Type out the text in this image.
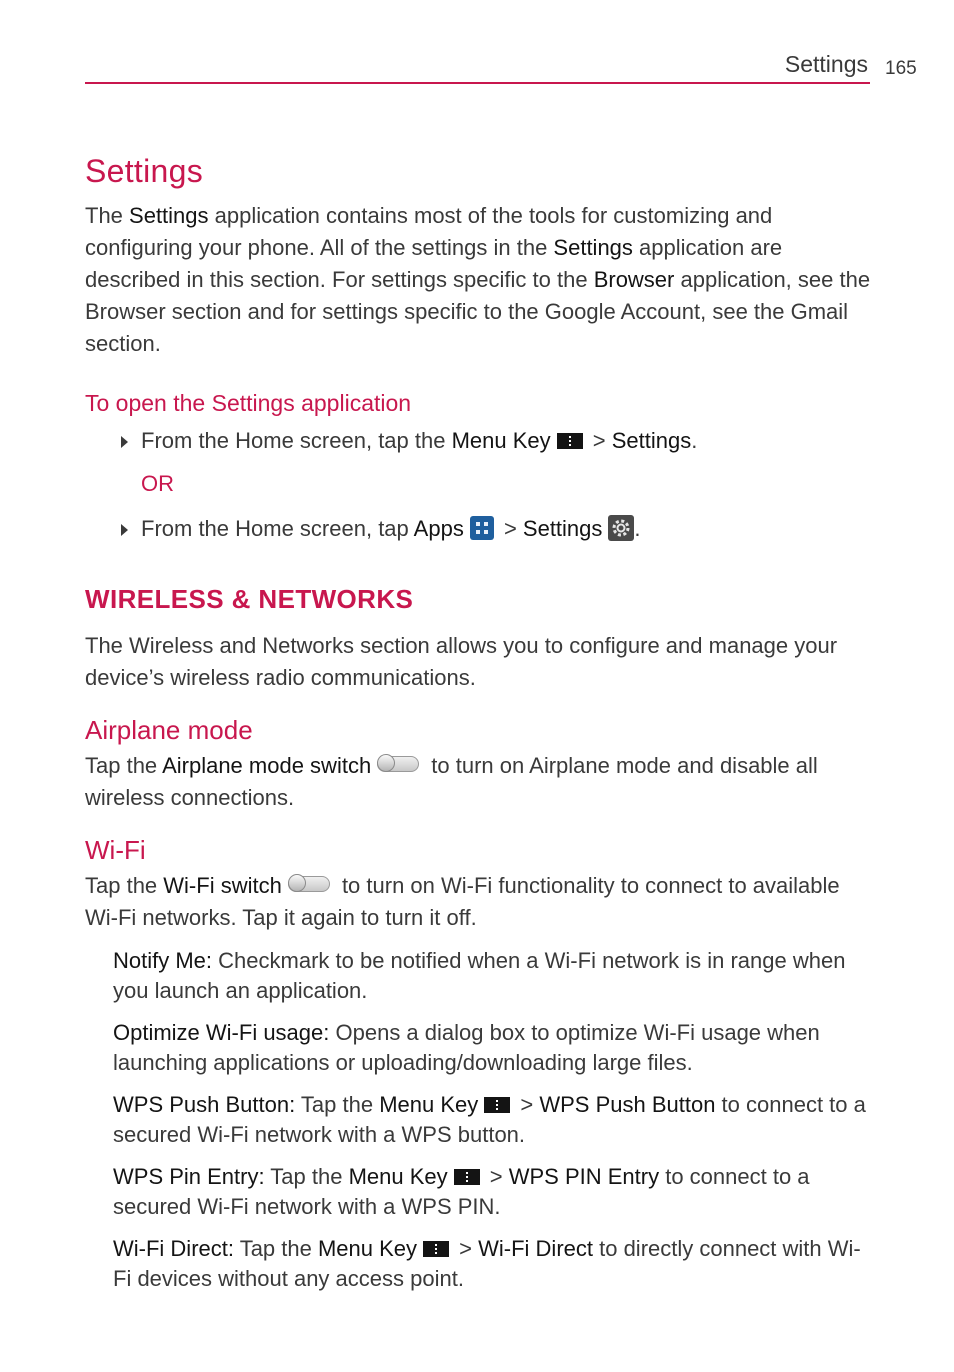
Settings 165
Settings

The Settings application contains most of the tools for customizing and configuring your phone. All of the settings in the Settings application are described in this section. For settings specific to the Browser application, see the Browser section and for settings specific to the Google Account, see the Gmail section.

To open the Settings application
From the Home screen, tap the Menu Key > Settings.
OR
From the Home screen, tap Apps > Settings .
WIRELESS & NETWORKS

The Wireless and Networks section allows you to configure and manage your device’s wireless radio communications.

Airplane mode

Tap the Airplane mode switch to turn on Airplane mode and disable all wireless connections.

Wi-Fi

Tap the Wi-Fi switch to turn on Wi-Fi functionality to connect to available Wi-Fi networks. Tap it again to turn it off.

Notify Me: Checkmark to be notified when a Wi-Fi network is in range when you launch an application.
Optimize Wi-Fi usage: Opens a dialog box to optimize Wi-Fi usage when launching applications or uploading/downloading large files.
WPS Push Button: Tap the Menu Key > WPS Push Button to connect to a secured Wi-Fi network with a WPS button.
WPS Pin Entry: Tap the Menu Key > WPS PIN Entry to connect to a secured Wi-Fi network with a WPS PIN.
Wi-Fi Direct: Tap the Menu Key > Wi-Fi Direct to directly connect with Wi-Fi devices without any access point.
